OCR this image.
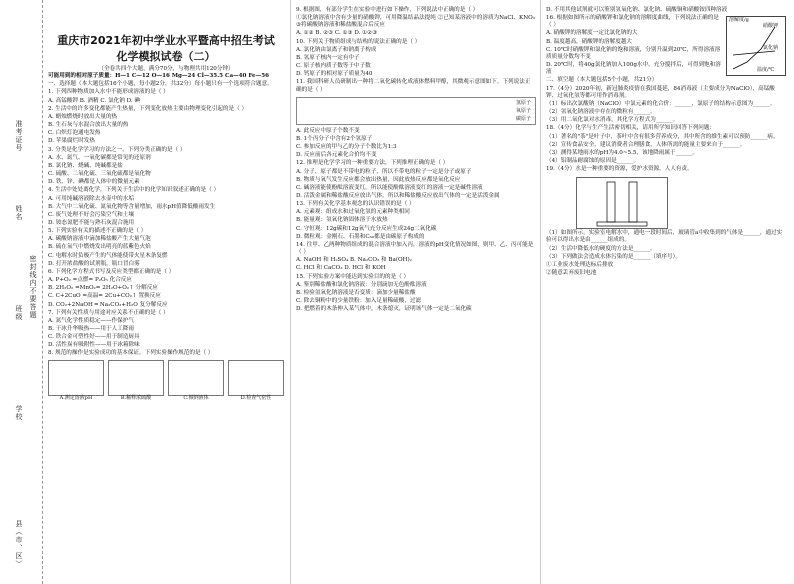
准考证号
姓名
密封线内不要答题
班级
学校
县（市、区）
重庆市2021年初中学业水平暨高中招生考试
化学模拟试卷（二）

（全卷共四个大题，满分70分，与物理共用120分钟）

可能用到的相对原子质量：H—1 C—12 O—16 Mg—24 Cl—35.5 Ca—40 Fe—56

一、选择题（本大题包括16个小题，每小题2分，共32分）每小题只有一个选项符合题意。

1. 下列四种物质加入水中不能形成溶液的是（ ）

A. 高锰酸钾 B. 酒精 C. 氯化钠 D. 碘

2. 生活中的许多变化都能产生热量，下列变化放热主要由物理变化引起的是（ ）

A. 蜡烛燃烧时放出大量的热

B. 生石灰与水混合放出大量的热

C. 白炽灯泡通电发热

D. 苹果腐烂时发热

3. 分类是化学学习的方法之一。下列分类正确的是（ ）

A. 水、氮气、一氧化碳都是常见的还原剂

B. 氯化钠、烧碱、纯碱都是盐

C. 硫酸、二氧化硫、三氧化硫都是氧化物

D. 铁、锌、碘都是人体中的微量元素

4. 生活中处处离化学。下列关于生活中的化学知识叙述正确的是（ ）

A. 可用纯碱溶液除去水壶中的水垢

B. 大气中二氧化硫、氮氧化物等含量增加，雨水pH值降低酸雨发生

C. 废气处理不好会污染空气和土壤

D. 铵态氮肥不能与熟石灰混合施用

5. 下列实验有关的描述不正确的是（ ）

A. 碳酸钠溶液中滴加稀盐酸产生大量气泡

B. 硫在氧气中燃烧发出明亮的蓝紫色火焰

C. 电解水时负极产生的气体能使带火星木条复燃

D. 打开浓盐酸的试剂瓶，瓶口冒白雾

6. 下列化学方程式书写及反应类型都正确的是（ ）

A. P+O₂ =点燃= P₂O₅ 化合反应

B. 2H₂O₂ =MnO₂= 2H₂O+O₂↑ 分解反应

C. C+2CuO =高温= 2Cu+CO₂↑ 置换反应

D. CO₂+2NaOH ═ Na₂CO₃+H₂O 复分解反应

7. 下列有关性质与用途对应关系不正确的是（ ）

A. 氮气化学性质稳定——作保护气

B. 干冰升华吸热——用于人工降雨

C. 铁合金可塑性好——用于制造厨具

D. 活性炭有吸附性——用于冰箱除味

8. 规范的操作是实验成功的基本保证。下列实验操作规范的是（ ）

A.测定溶液pH	B.稀释浓硫酸	C.倾倒液体	D.检查气密性

9. 根据图，有部分学生在实验中进行如下操作，下列说法中正确的是（ ）

①氯化钠溶液中含有少量的硝酸钾，可用降温结晶法提纯 ②已知某溶液中的溶质为NaCl、KNO₃ ③将碳酸钠溶液和稀盐酸混合后反应

A. ①② B. ②③ C. ①③ D. ①②③

10. 下列关于物质组成与结构的说法正确的是（ ）

A. 氯化钠由氯离子和钠离子构成

B. 氢原子核内一定有中子

C. 原子核内质子数等于中子数

D. 钙原子的相对原子质量为40

11. 我国科研人员研制出一种将二氧化碳转化成液体燃料甲醇，其微观示意图如下。下列说法正确的是（ ）

氢原子
氧原子
碳原子

A. 此反应中原子个数不变

B. 1个丙分子中含有2个氢原子

C. 参加反应的甲与乙的分子个数比为1:3

D. 反应前后各元素化合价均不变

12. 推理是化学学习的一种重要方法，下列推理正确的是（ ）

A. 分子、原子都是不带电的粒子，所以不带电的粒子一定是分子或原子

B. 物质与氧气发生反应都会放出热量，因此放热反应都是氧化反应

C. 碱溶液能使酚酞溶液变红，所以能使酚酞溶液变红的溶液一定是碱性溶液

D. 活泼金属和稀盐酸反应放出气体，所以和稀盐酸反应放出气体的一定是活泼金属

13. 下列有关化学基本观念的认识错误的是（ ）

A. 元素观：组成水和过氧化氢的元素种类相同

B. 能量观：氢氧化钠固体溶于水放热

C. 守恒观：12g碳和12g氧气充分反应生成24g二氧化碳

D. 微粒观：金刚石、石墨和C₆₀都是由碳原子构成的

14. 往甲、乙两种物质组成的混合溶液中加入丙，溶液的pH变化情况如图，则甲、乙、丙可能是（ ）

A. NaOH 和 H₂SO₄ B. Na₂CO₃ 和 Ba(OH)₂

C. HCl 和 CaCO₃ D. HCl 和 KOH

15. 下列实验方案中能达到实验目的的是（ ）

A. 鉴别稀盐酸和氯化钠溶液：分别滴加无色酚酞溶液

B. 检验氢氧化钠溶液是否变质：滴加少量稀盐酸

C. 除去铜粉中的少量铁粉：加入足量稀硫酸，过滤

D. 把燃着的木条伸入某气体中，木条熄灭，证明该气体一定是二氧化碳

D. 不用其他试剂就可以鉴别氢氧化钠、氯化钠、硫酸铜和硝酸铵四种溶液

溶解度/g
温度/℃
硝酸钾
氯化钠

16. 根据如图所示的硝酸钾和氯化钠的溶解度曲线，下列说法正确的是（ ）

A. 硝酸钾的溶解度一定比氯化钠的大

B. 温度越高，硝酸钾的溶解度越大

C. 10℃时硝酸钾和氯化钠的饱和溶液，分别升温到20℃，所得溶液溶质质量分数均不变

D. 20℃时，将40g氯化钠加入100g水中，充分搅拌后，可得到饱和溶液

二、填空题（本大题包括5个小题，共21分）

17.（4分）2020年初，新冠肺炎疫情在我国蔓延，84消毒液（主要成分为NaClO）、高锰酸钾、过氧化氢等都可用作消毒剂。

（1）标出次氯酸钠（NaClO）中氯元素的化合价：______，氯原子的结构示意图为______。

（2）氢氧化钠溶液中存在的微粒有______。

（3）用二氧化氯对水消毒，其化学方程式为______。

18.（4分）化学与生产生活密切相关，请用所学知识回答下列问题：

（1）著名的"茶"是叶子中，茶叶中含有很多营养成分，其中所含的维生素可以预防______病。

（2）宣传食品安全，建议消费者合理膳食，人体所需的能量主要来自于______。

（3）测得某地雨水的pH为4.0~5.5，该地降雨属于______。

（4）铝制品耐腐蚀的原因是______。

19.（4分）水是一种重要的资源，爱护水资源，人人有责。

（1）如图所示，实验室电解水中，通电一段时间后，玻璃管a中收集到的气体是______，通过实验可以得出水是由______组成的。

（2）生活中降低水的硬度的方法是______。

（3）下列做法会造成水体污染的是______（填序号）。

①工业废水处理达标后排放

②随意丢弃废旧电池
